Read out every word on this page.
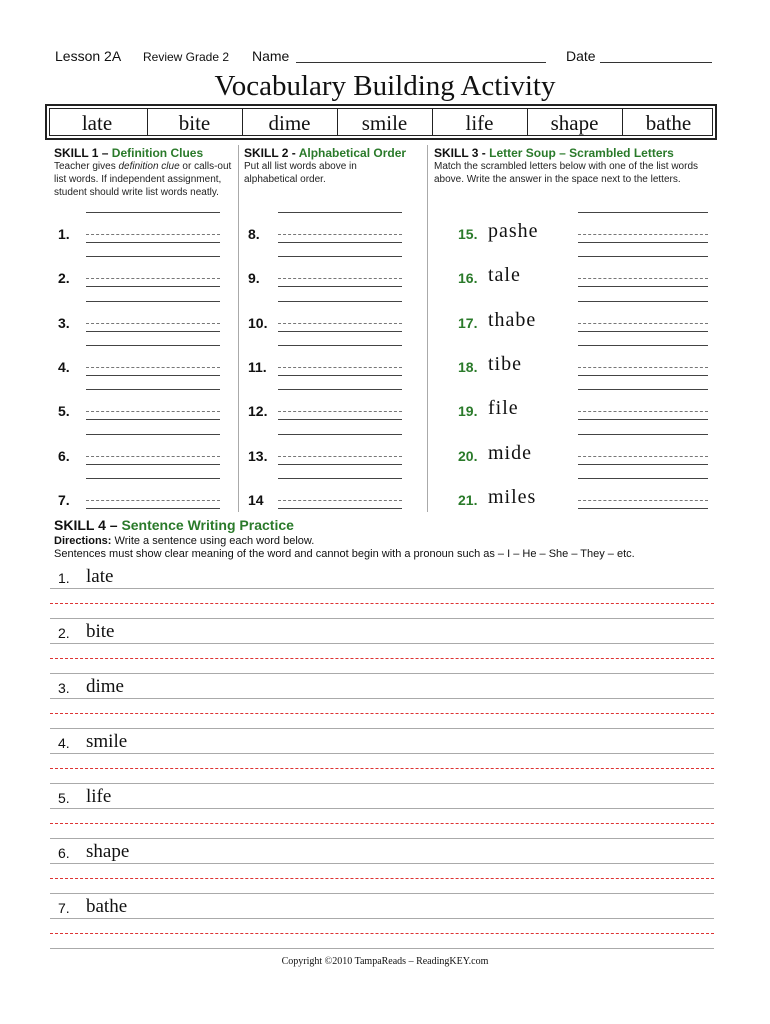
Lesson 2A Review Grade 2 Name	Date
Vocabulary Building Activity
late	bite	dime	smile	life	shape	bathe
SKILL 1 – Definition Clues
Teacher gives definition clue or calls-out list words. If independent assignment, student should write list words neatly.
SKILL 2 - Alphabetical Order
Put all list words above in alphabetical order.
SKILL 3 - Letter Soup – Scrambled Letters
Match the scrambled letters below with one of the list words above. Write the answer in the space next to the letters.
1.	8.	15. pashe
2.	9.	16. tale
3.	10.	17. thabe
4.	11.	18. tibe
5.	12.	19. file
6.	13.	20. mide
7.	14	21. miles
SKILL 4 – Sentence Writing Practice
Directions: Write a sentence using each word below.
Sentences must show clear meaning of the word and cannot begin with a pronoun such as – I – He – She – They – etc.
1. late
2. bite
3. dime
4. smile
5. life
6. shape
7. bathe
Copyright ©2010 TampaReads – ReadingKEY.com
